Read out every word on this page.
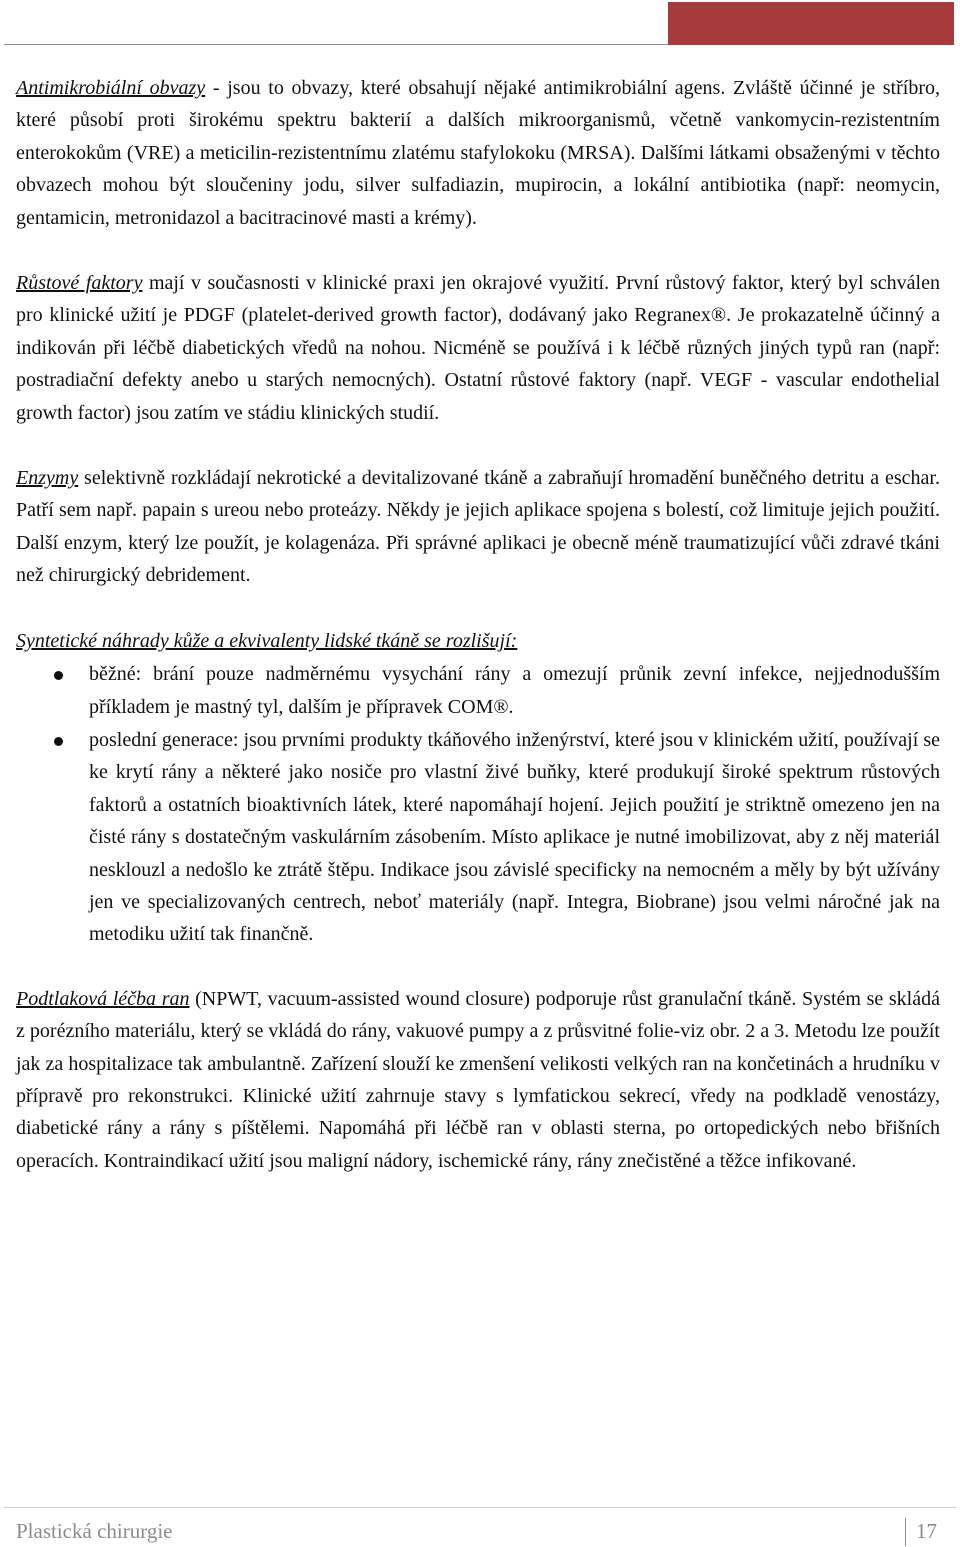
Antimikrobiální obvazy - jsou to obvazy, které obsahují nějaké antimikrobiální agens. Zvláště účinné je stříbro, které působí proti širokému spektru bakterií a dalších mikroorganismů, včetně vankomycin-rezistentním enterokokům (VRE) a meticilin-rezistentnímu zlatému stafylokoku (MRSA). Dalšími látkami obsaženými v těchto obvazech mohou být sloučeniny jodu, silver sulfadiazin, mupirocin, a lokální antibiotika (např: neomycin, gentamicin, metronidazol a bacitracinové masti a krémy).

Růstové faktory mají v současnosti v klinické praxi jen okrajové využití. První růstový faktor, který byl schválen pro klinické užití je PDGF (platelet-derived growth factor), dodávaný jako Regranex®. Je prokazatelně účinný a indikován při léčbě diabetických vředů na nohou. Nicméně se používá i k léčbě různých jiných typů ran (např: postradiační defekty anebo u starých nemocných). Ostatní růstové faktory (např. VEGF - vascular endothelial growth factor) jsou zatím ve stádiu klinických studií.

Enzymy selektivně rozkládají nekrotické a devitalizované tkáně a zabraňují hromadění buněčného detritu a eschar. Patří sem např. papain s ureou nebo proteázy. Někdy je jejich aplikace spojena s bolestí, což limituje jejich použití. Další enzym, který lze použít, je kolagenáza. Při správné aplikaci je obecně méně traumatizující vůči zdravé tkáni než chirurgický debridement.

Syntetické náhrady kůže a ekvivalenty lidské tkáně se rozlišují:
běžné: brání pouze nadměrnému vysychání rány a omezují průnik zevní infekce, nejjednodušším příkladem je mastný tyl, dalším je přípravek COM®.
poslední generace: jsou prvními produkty tkáňového inženýrství, které jsou v klinickém užití, používají se ke krytí rány a některé jako nosiče pro vlastní živé buňky, které produkují široké spektrum růstových faktorů a ostatních bioaktivních látek, které napomáhají hojení. Jejich použití je striktně omezeno jen na čisté rány s dostatečným vaskulárním zásobením. Místo aplikace je nutné imobilizovat, aby z něj materiál nesklouzl a nedošlo ke ztrátě štěpu. Indikace jsou závislé specificky na nemocném a měly by být užívány jen ve specializovaných centrech, neboť materiály (např. Integra, Biobrane) jsou velmi náročné jak na metodiku užití tak finančně.

Podtlaková léčba ran (NPWT, vacuum-assisted wound closure) podporuje růst granulační tkáně. Systém se skládá z porézního materiálu, který se vkládá do rány, vakuové pumpy a z průsvitné folie-viz obr. 2 a 3. Metodu lze použít jak za hospitalizace tak ambulantně. Zařízení slouží ke zmenšení velikosti velkých ran na končetinách a hrudníku v přípravě pro rekonstrukci. Klinické užití zahrnuje stavy s lymfatickou sekrecí, vředy na podkladě venostázy, diabetické rány a rány s píštělemi. Napomáhá při léčbě ran v oblasti sterna, po ortopedických nebo břišních operacích. Kontraindikací užití jsou maligní nádory, ischemické rány, rány znečistěné a těžce infikované.

Plastická chirurgie	17
